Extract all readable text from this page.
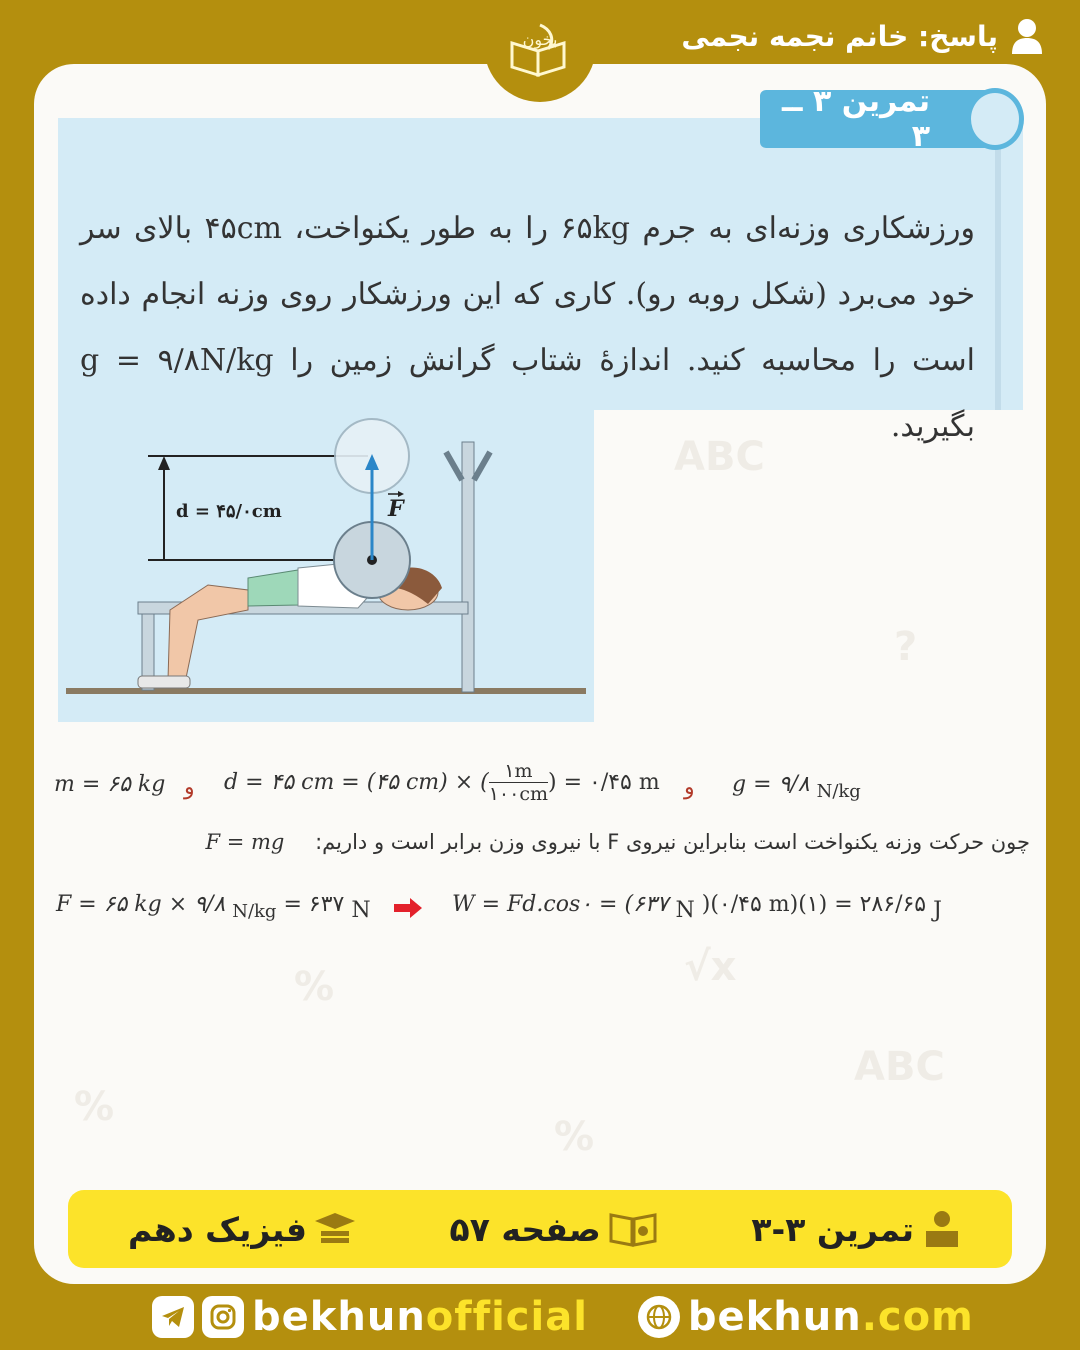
پاسخ: خانم نجمه نجمی
ABC
?
√x
%
%
%
ABC
بخون
تمرین ۳ ــ ۳
ورزشکاری وزنه‌ای به جرم ۶۵kg را به طور یکنواخت، ۴۵cm بالای سر خود می‌برد (شکل روبه رو). کاری که این ورزشکار روی وزنه انجام داده است را محاسبه کنید. اندازهٔ شتاب گرانش زمین را g = ۹/۸N/kg بگیرید.
d = ۴۵/۰cm	F
m = ۶۵ kg و d = ۴۵ cm = (۴۵ cm) × ( $\frac{۱m}{۱۰۰cm}$ ) = ۰/۴۵ m و g = ۹/۸ $_{N/kg}$
چون حرکت وزنه یکنواخت است بنابراین نیروی F با نیروی وزن برابر است و داریم: F = mg
F = ۶۵ kg × ۹/۸ $_{N/kg}$ = ۶۳۷ N	W = Fd.cos۰ = (۶۳۷ N )(۰/۴۵ m)(۱) = ۲۸۶/۶۵ J
فیزیک دهم	صفحه ۵۷	تمرین ۳-۳
bekhunofficial	bekhun.com
